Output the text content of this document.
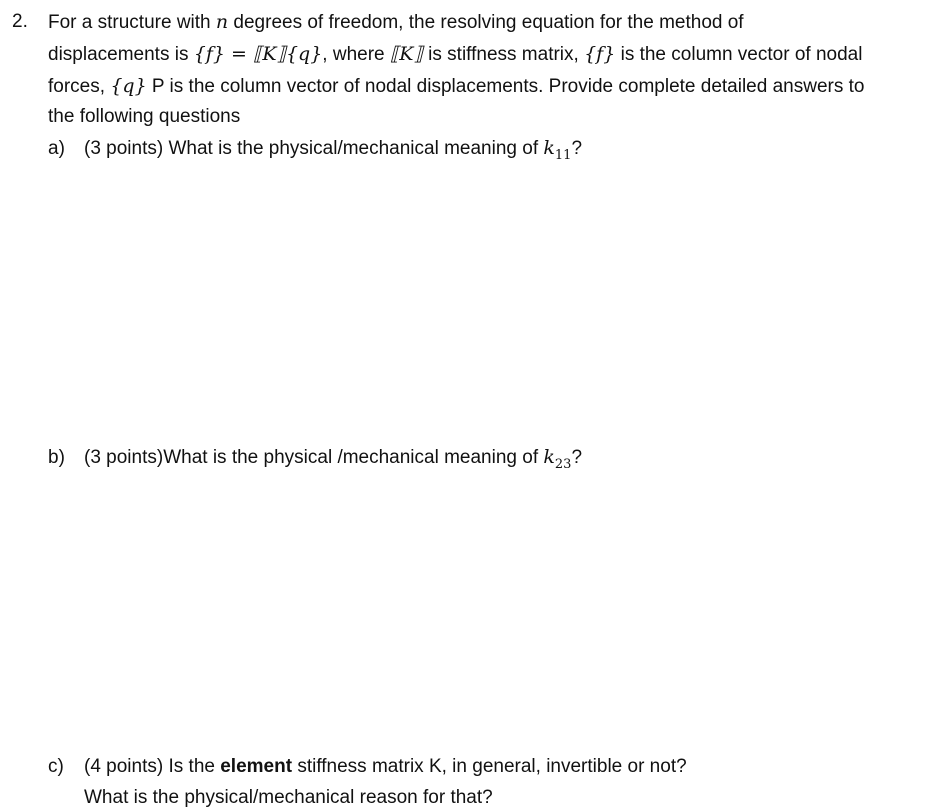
2. For a structure with n degrees of freedom, the resolving equation for the method of
displacements is {f} = ⟦K⟧{q}, where ⟦K⟧ is stiffness matrix, {f} is the column vector of nodal
forces, {q} P is the column vector of nodal displacements. Provide complete detailed answers to
the following questions
a) (3 points) What is the physical/mechanical meaning of $k_{11}$?
b) (3 points)What is the physical /mechanical meaning of $k_{23}$?
c) (4 points) Is the element stiffness matrix K, in general, invertible or not?
What is the physical/mechanical reason for that?
